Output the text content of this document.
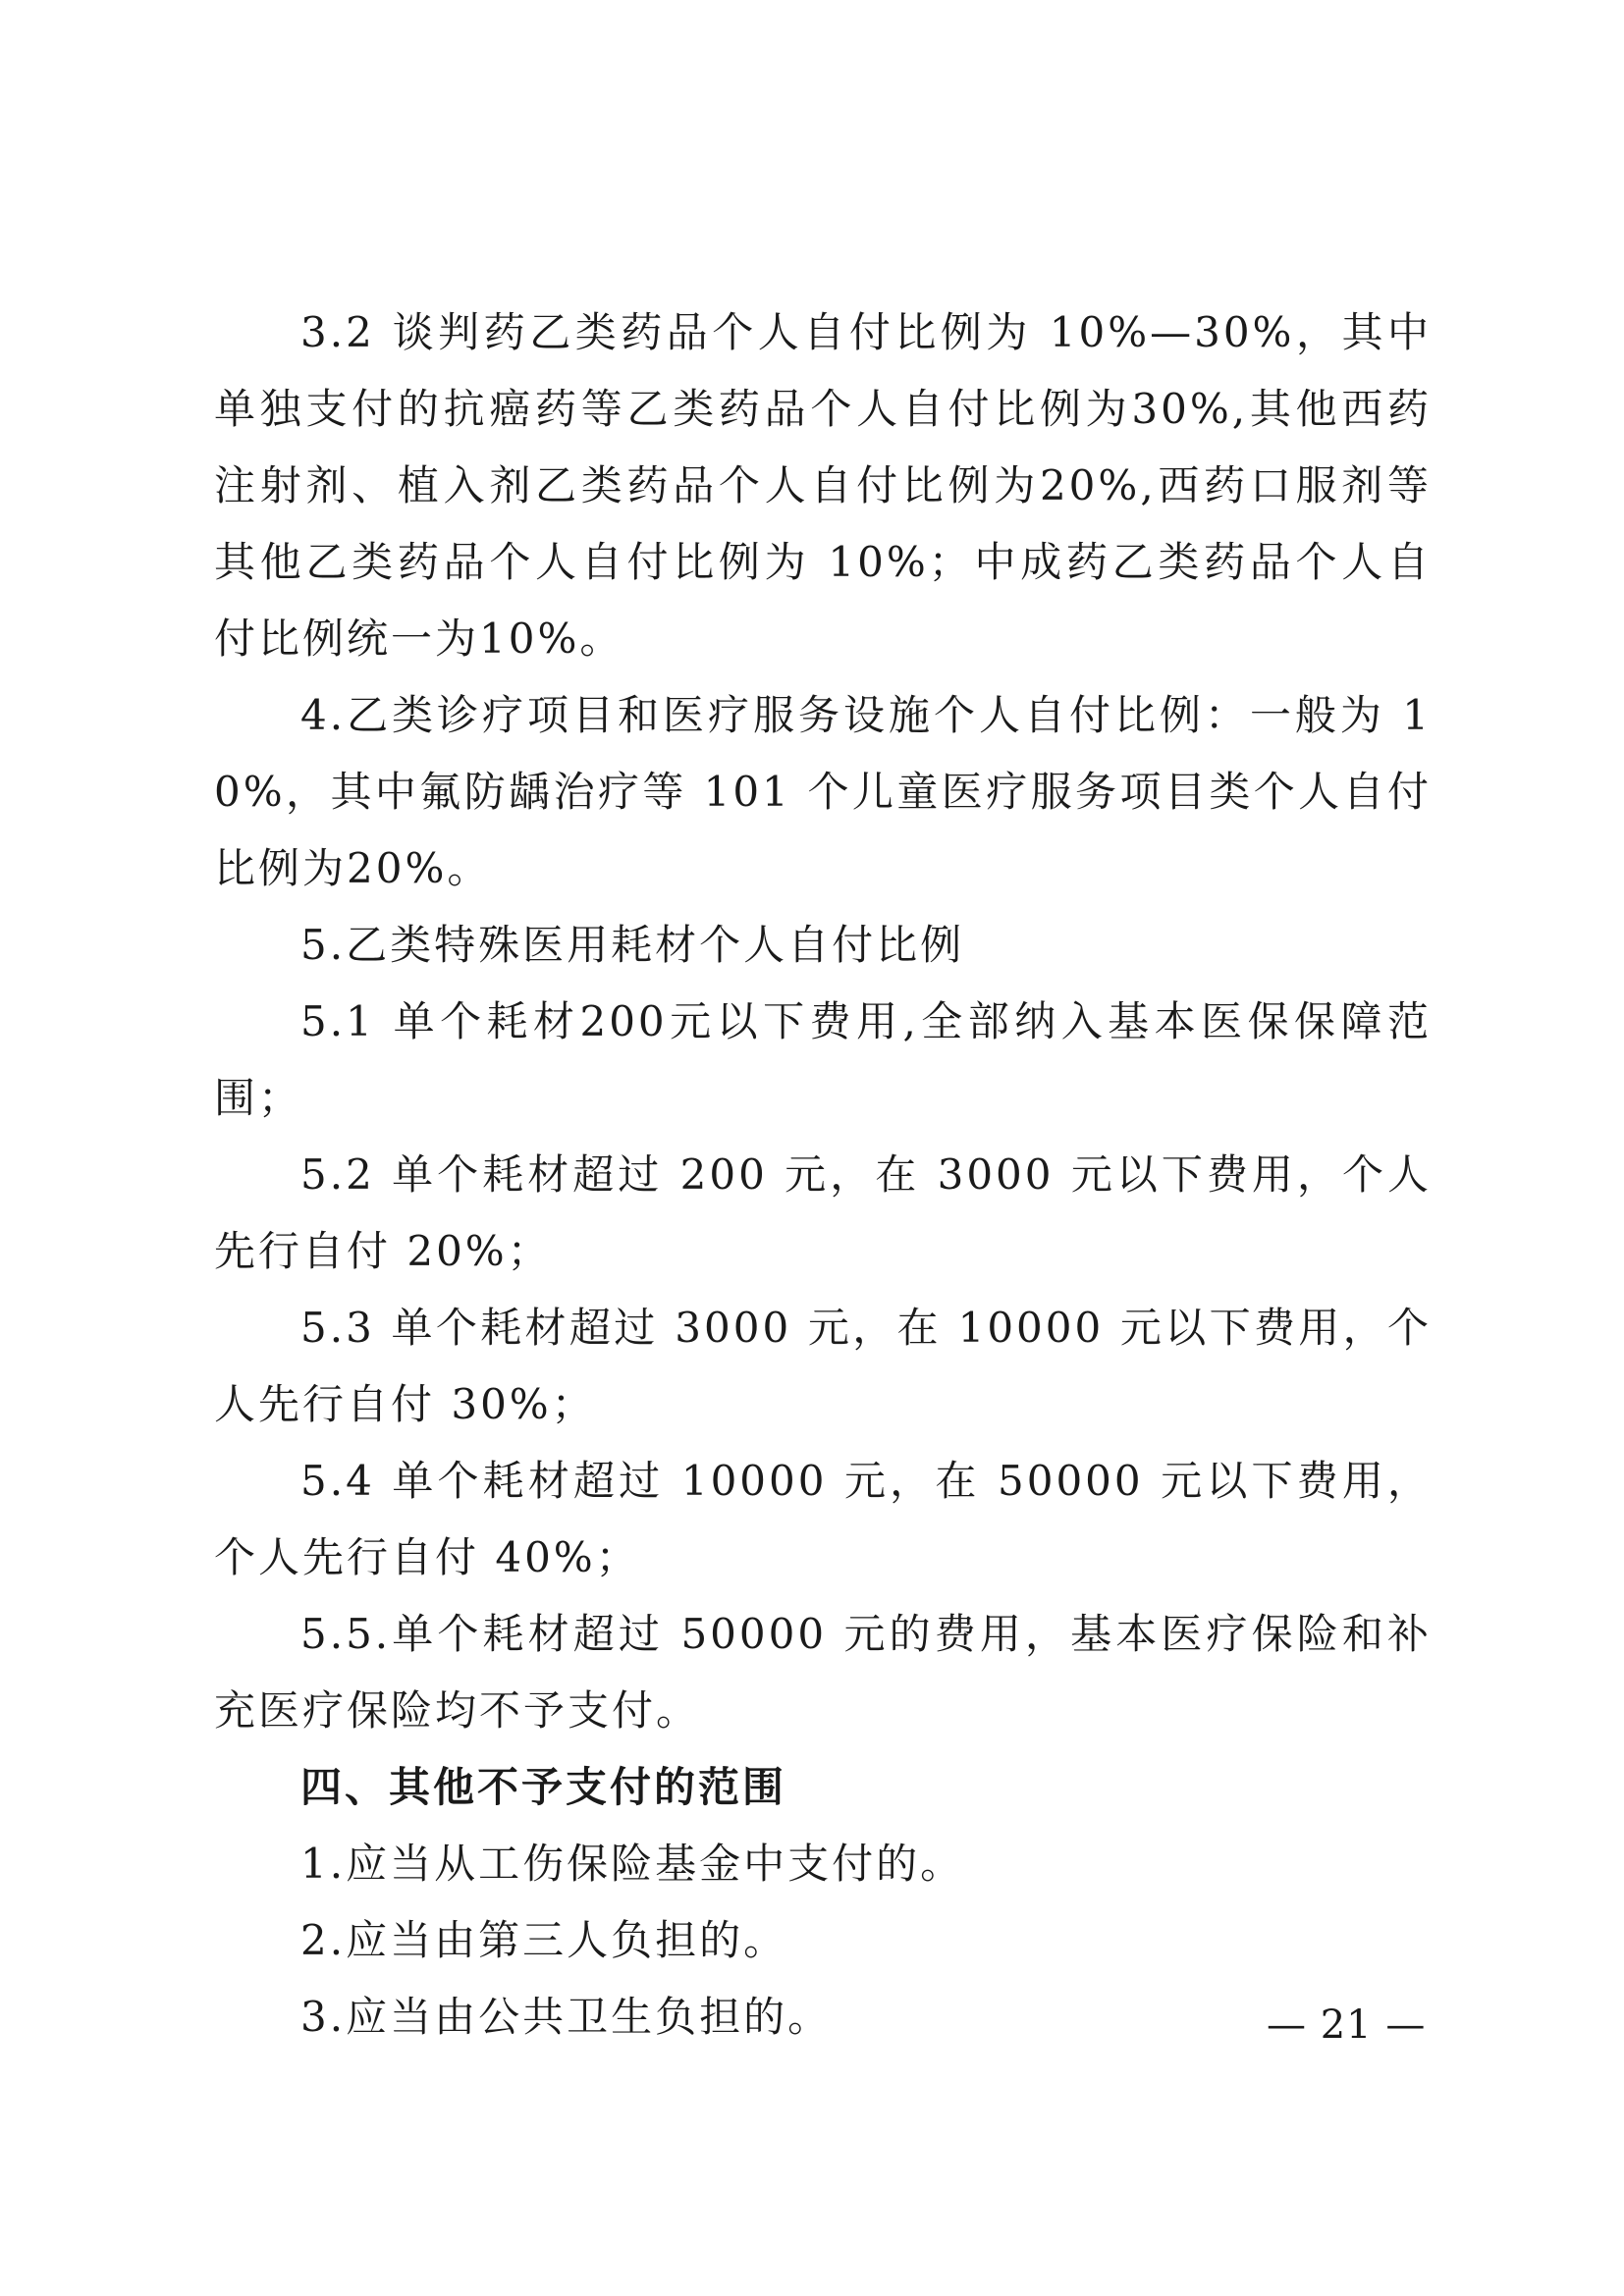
3.2 谈判药乙类药品个人自付比例为 10%—30%，其中单独支付的抗癌药等乙类药品个人自付比例为30%,其他西药注射剂、植入剂乙类药品个人自付比例为20%,西药口服剂等其他乙类药品个人自付比例为 10%；中成药乙类药品个人自付比例统一为10%。

4.乙类诊疗项目和医疗服务设施个人自付比例：一般为 10%，其中氟防龋治疗等 101 个儿童医疗服务项目类个人自付比例为20%。

5.乙类特殊医用耗材个人自付比例

5.1 单个耗材200元以下费用,全部纳入基本医保保障范围；

5.2 单个耗材超过 200 元，在 3000 元以下费用，个人先行自付 20%；

5.3 单个耗材超过 3000 元，在 10000 元以下费用，个人先行自付 30%；

5.4 单个耗材超过 10000 元，在 50000 元以下费用，个人先行自付 40%；

5.5.单个耗材超过 50000 元的费用，基本医疗保险和补充医疗保险均不予支付。

四、其他不予支付的范围

1.应当从工伤保险基金中支付的。

2.应当由第三人负担的。

3.应当由公共卫生负担的。	— 21 —
